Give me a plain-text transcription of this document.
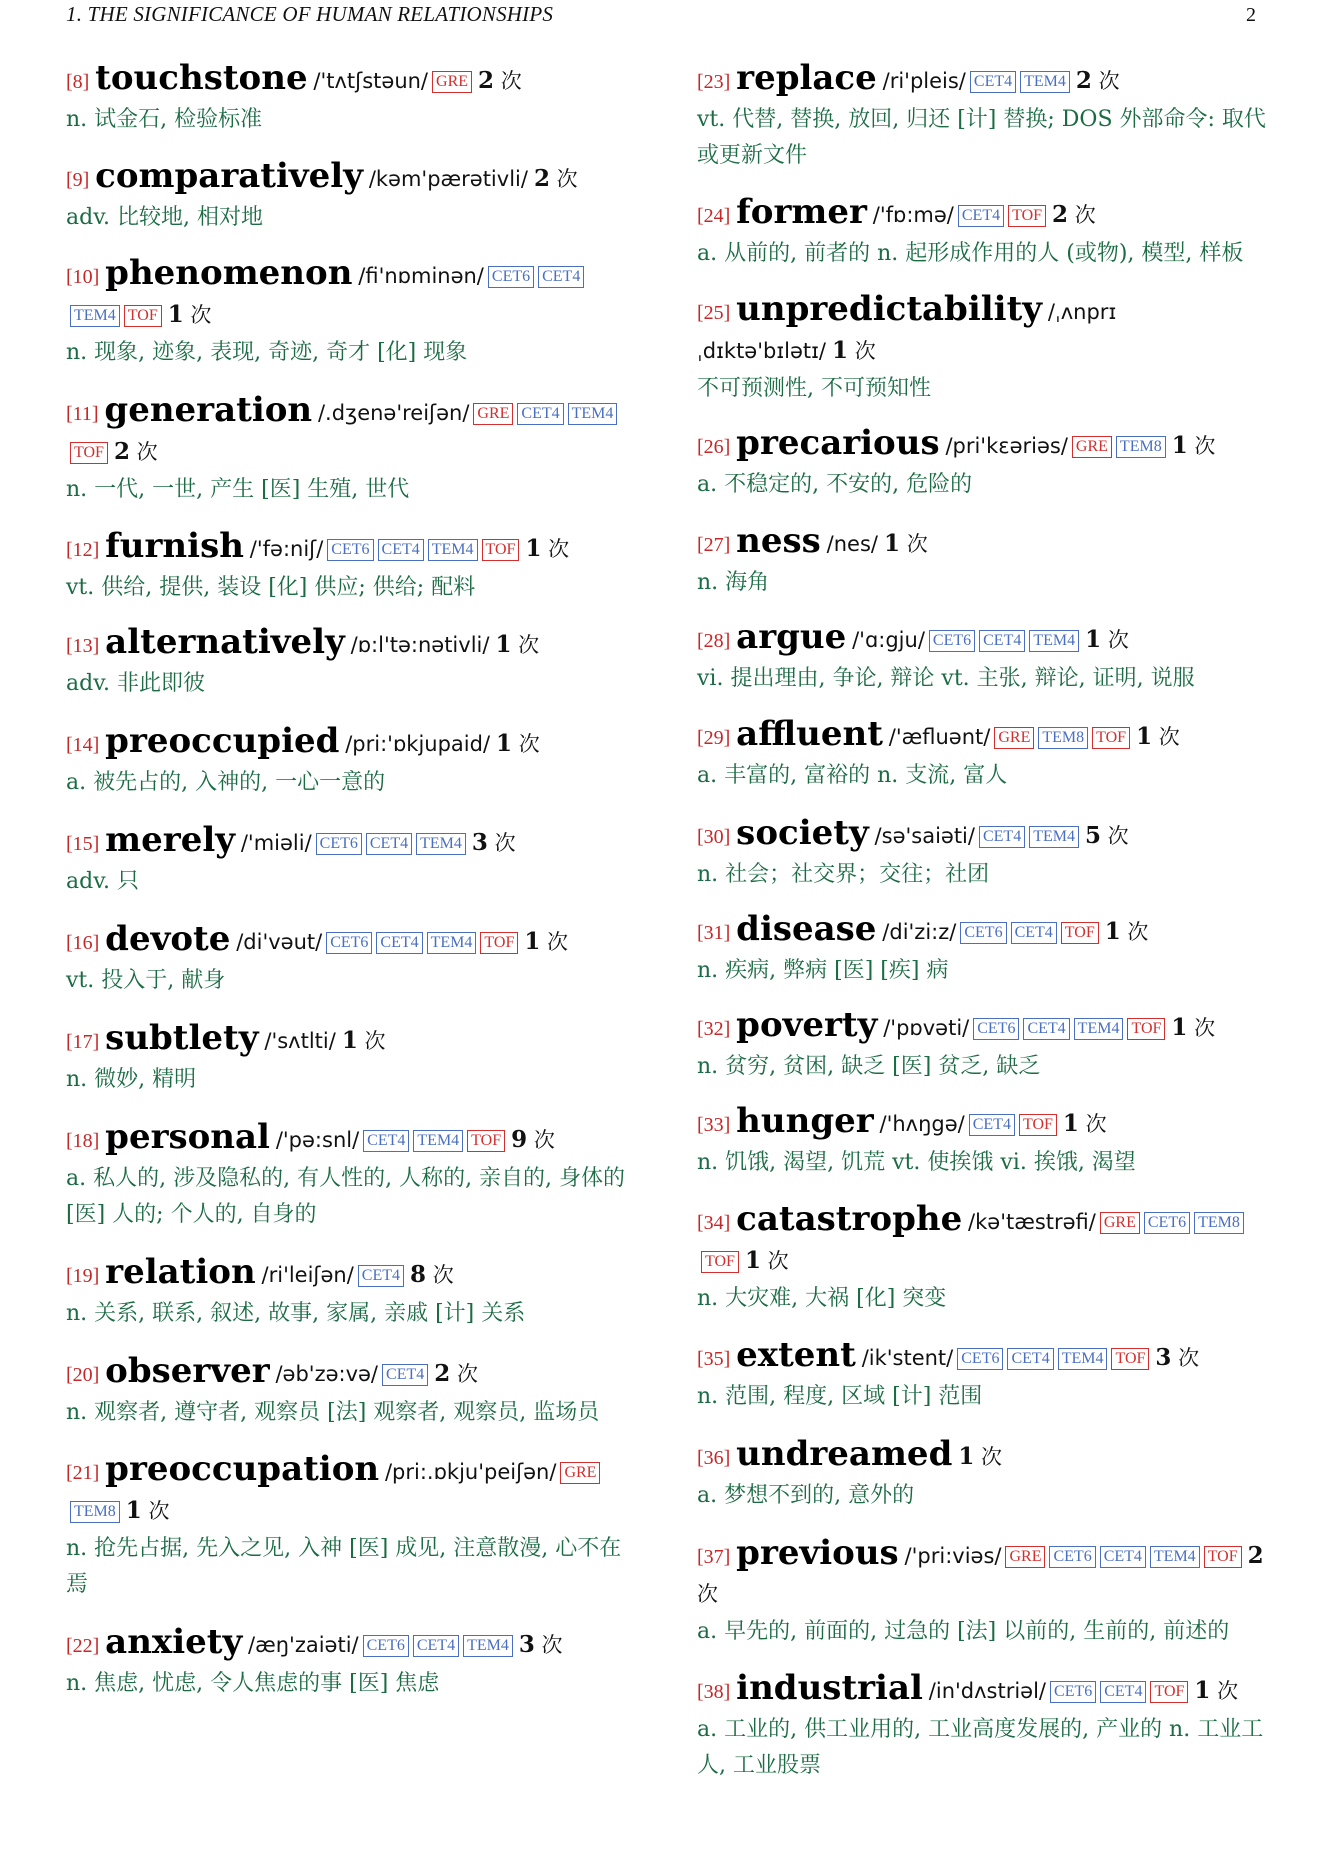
1. THE SIGNIFICANCE OF HUMAN RELATIONSHIPS	2
[8] touchstone /'tʌtʃstəun/ GRE 2 次
n. 试金石, 检验标准
[9] comparatively /kəm'pærətivli/ 2 次
adv. 比较地, 相对地
[10] phenomenon /fi'nɒminən/ CET6 CET4TEM4 TOF 1 次
n. 现象, 迹象, 表现, 奇迹, 奇才 [化] 现象
[11] generation /.dʒenə'reiʃən/ GRE CET4 TEM4TOF 2 次
n. 一代, 一世, 产生 [医] 生殖, 世代
[12] furnish /'fə:niʃ/ CET6 CET4 TEM4 TOF 1 次
vt. 供给, 提供, 装设 [化] 供应; 供给; 配料
[13] alternatively /ɒ:l'tə:nətivli/ 1 次
adv. 非此即彼
[14] preoccupied /pri:'ɒkjupaid/ 1 次
a. 被先占的, 入神的, 一心一意的
[15] merely /'miəli/ CET6 CET4 TEM4 3 次
adv. 只
[16] devote /di'vəut/ CET6 CET4 TEM4 TOF 1 次
vt. 投入于, 献身
[17] subtlety /'sʌtlti/ 1 次
n. 微妙, 精明
[18] personal /'pə:snl/ CET4 TEM4 TOF 9 次
a. 私人的, 涉及隐私的, 有人性的, 人称的, 亲自的, 身体的 [医] 人的; 个人的, 自身的
[19] relation /ri'leiʃən/ CET4 8 次
n. 关系, 联系, 叙述, 故事, 家属, 亲戚 [计] 关系
[20] observer /əb'zə:və/ CET4 2 次
n. 观察者, 遵守者, 观察员 [法] 观察者, 观察员, 监场员
[21] preoccupation /pri:.ɒkju'peiʃən/ GRETEM8 1 次
n. 抢先占据, 先入之见, 入神 [医] 成见, 注意散漫, 心不在焉
[22] anxiety /æŋ'zaiəti/ CET6 CET4 TEM4 3 次
n. 焦虑, 忧虑, 令人焦虑的事 [医] 焦虑
[23] replace /ri'pleis/ CET4 TEM4 2 次
vt. 代替, 替换, 放回, 归还 [计] 替换; DOS 外部命令: 取代或更新文件
[24] former /'fɒ:mə/ CET4 TOF 2 次
a. 从前的, 前者的 n. 起形成作用的人 (或物), 模型, 样板
[25] unpredictability /ˌʌnprɪˌdɪktə'bɪlətɪ/ 1 次
不可预测性, 不可预知性
[26] precarious /pri'kεəriəs/ GRE TEM8 1 次
a. 不稳定的, 不安的, 危险的
[27] ness /nes/ 1 次
n. 海角
[28] argue /'ɑ:gju/ CET6 CET4 TEM4 1 次
vi. 提出理由, 争论, 辩论 vt. 主张, 辩论, 证明, 说服
[29] affluent /'æfluənt/ GRE TEM8 TOF 1 次
a. 丰富的, 富裕的 n. 支流, 富人
[30] society /sə'saiəti/ CET4 TEM4 5 次
n. 社会；社交界；交往；社团
[31] disease /di'zi:z/ CET6 CET4 TOF 1 次
n. 疾病, 弊病 [医] [疾] 病
[32] poverty /'pɒvəti/ CET6 CET4 TEM4 TOF 1 次
n. 贫穷, 贫困, 缺乏 [医] 贫乏, 缺乏
[33] hunger /'hʌŋgə/ CET4 TOF 1 次
n. 饥饿, 渴望, 饥荒 vt. 使挨饿 vi. 挨饿, 渴望
[34] catastrophe /kə'tæstrəfi/ GRE CET6 TEM8TOF 1 次
n. 大灾难, 大祸 [化] 突变
[35] extent /ik'stent/ CET6 CET4 TEM4 TOF 3 次
n. 范围, 程度, 区域 [计] 范围
[36] undreamed 1 次
a. 梦想不到的, 意外的
[37] previous /'pri:viəs/ GRE CET6 CET4 TEM4 TOF 2 次
a. 早先的, 前面的, 过急的 [法] 以前的, 生前的, 前述的
[38] industrial /in'dʌstriəl/ CET6 CET4 TOF 1 次
a. 工业的, 供工业用的, 工业高度发展的, 产业的 n. 工业工人, 工业股票
